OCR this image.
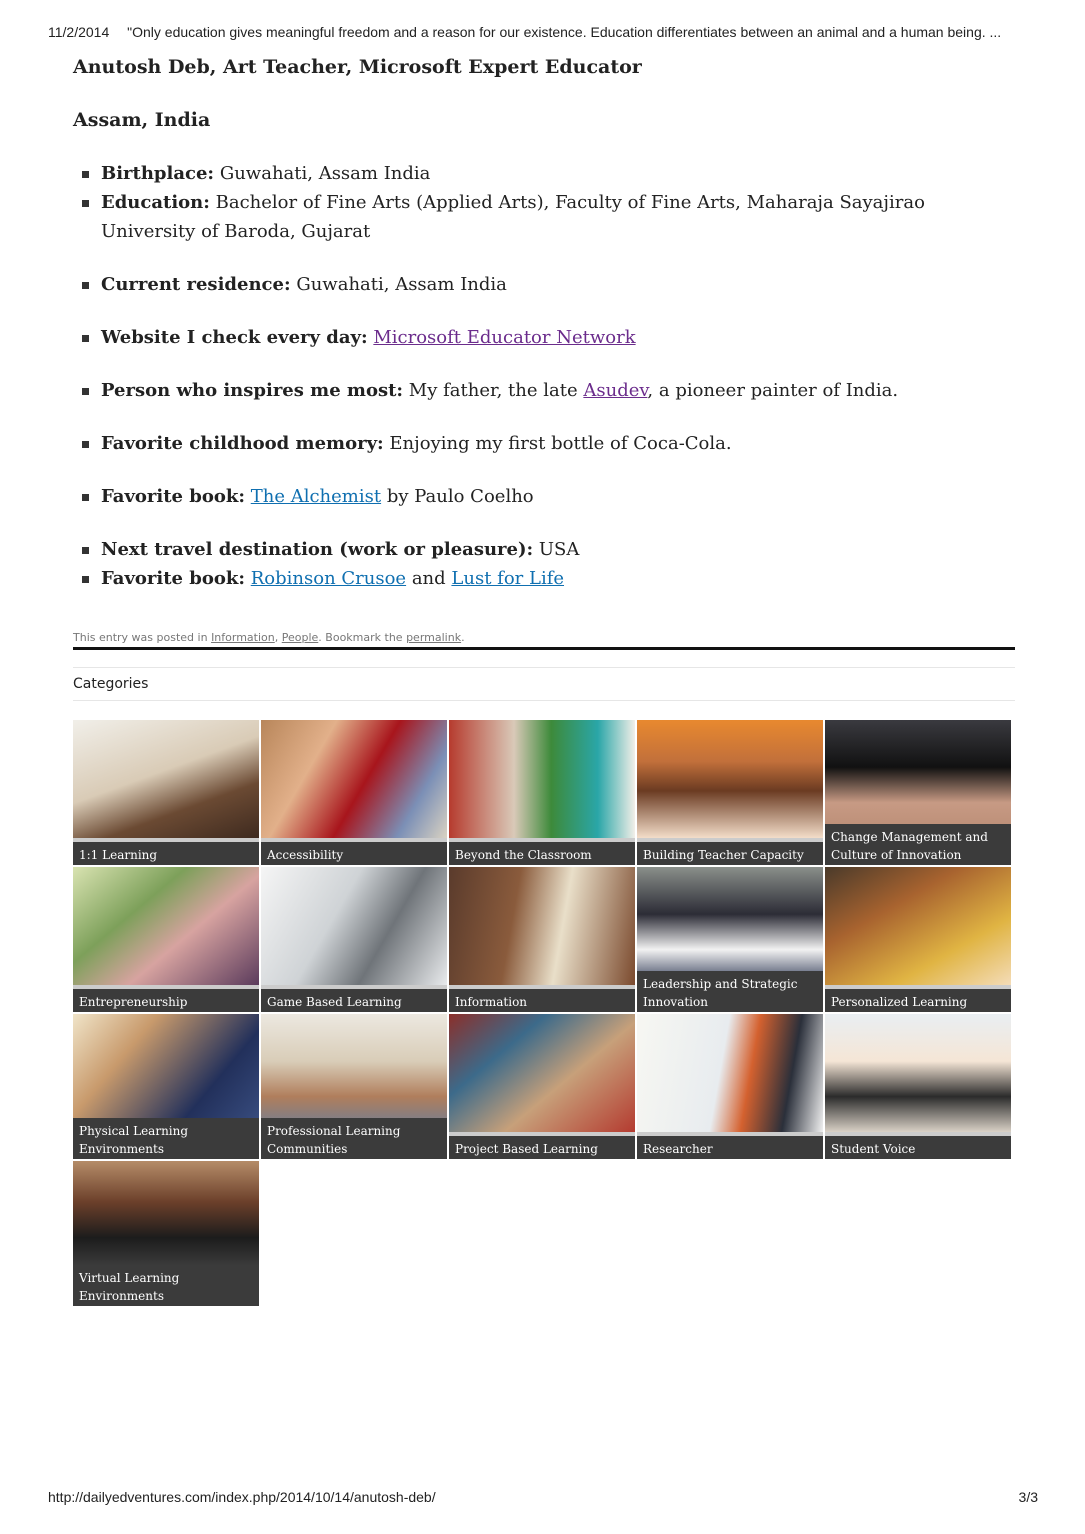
11/2/2014 "Only education gives meaningful freedom and a reason for our existence. Education differentiates between an animal and a human being. ...
Anutosh Deb, Art Teacher, Microsoft Expert Educator
Assam, India
Birthplace: Guwahati, Assam India
Education: Bachelor of Fine Arts (Applied Arts), Faculty of Fine Arts, Maharaja Sayajirao University of Baroda, Gujarat
Current residence: Guwahati, Assam India
Website I check every day: Microsoft Educator Network
Person who inspires me most: My father, the late Asudev, a pioneer painter of India.
Favorite childhood memory: Enjoying my first bottle of Coca-Cola.
Favorite book: The Alchemist by Paulo Coelho
Next travel destination (work or pleasure): USA
Favorite book: Robinson Crusoe and Lust for Life
This entry was posted in Information, People. Bookmark the permalink.
Categories
1:1 Learning	Accessibility	Beyond the Classroom	Building Teacher Capacity
Change Management and Culture of Innovation
Entrepreneurship	Game Based Learning	Information
Leadership and Strategic Innovation	Personalized Learning
Physical Learning Environments
Professional Learning Communities	Project Based Learning	Researcher	Student Voice
Virtual Learning Environments
http://dailyedventures.com/index.php/2014/10/14/anutosh-deb/	3/3
